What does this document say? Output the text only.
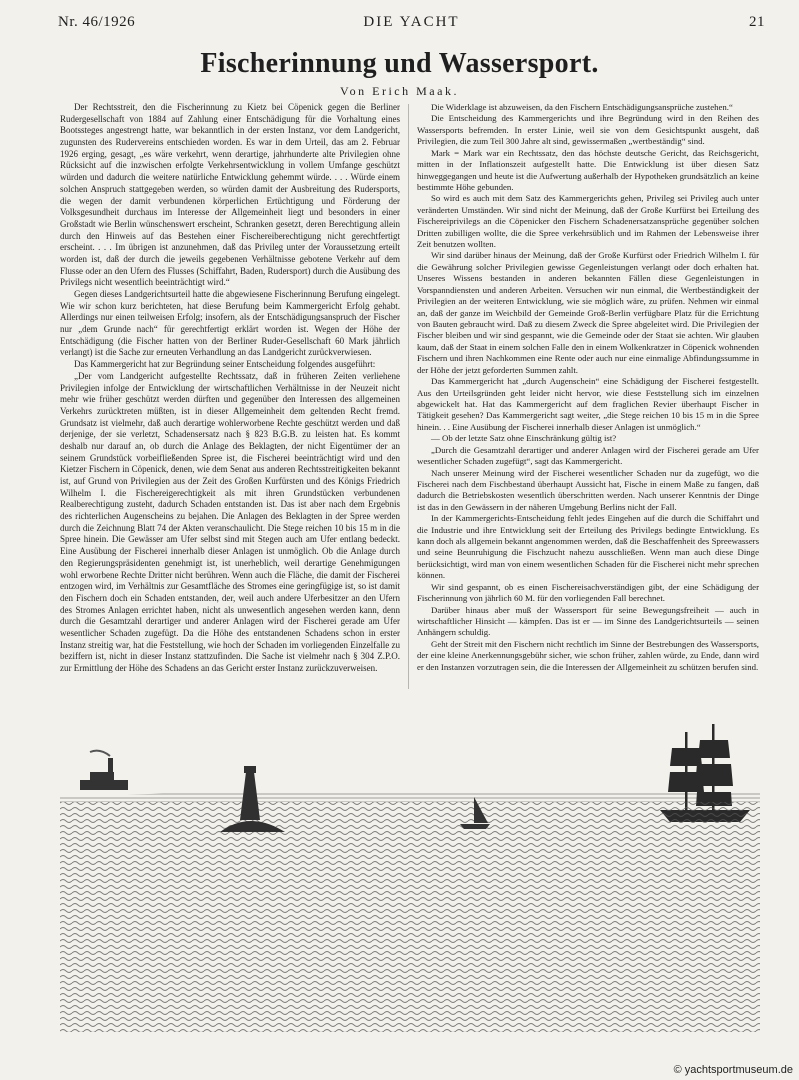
Nr. 46/1926	DIE YACHT	21
Fischerinnung und Wassersport.
Von Erich Maak.

Der Rechtsstreit, den die Fischerinnung zu Kietz bei Cöpenick gegen die Berliner Rudergesellschaft von 1884 auf Zahlung einer Entschädigung für die Vorhaltung eines Bootssteges angestrengt hatte, war bekanntlich in der ersten Instanz, vor dem Landgericht, zugunsten des Rudervereins entschieden worden. Es war in dem Urteil, das am 2. Februar 1926 erging, gesagt, „es wäre verkehrt, wenn derartige, jahrhunderte alte Privilegien ohne Rücksicht auf die inzwischen erfolgte Verkehrsentwicklung in vollem Umfange geschützt würden und dadurch die weitere natürliche Entwicklung gehemmt würde. . . . Würde einem solchen Anspruch stattgegeben werden, so würden damit der Ausbreitung des Rudersports, die wegen der damit verbundenen körperlichen Ertüchtigung und Förderung der Volksgesundheit durchaus im Interesse der Allgemeinheit liegt und besonders in einer Großstadt wie Berlin wünschenswert erscheint, Schranken gesetzt, deren Berechtigung allein durch den Hinweis auf das Bestehen einer Fischereiberechtigung nicht gerechtfertigt erscheint. . . . Im übrigen ist anzunehmen, daß das Privileg unter der Voraussetzung erteilt worden ist, daß der durch die jeweils gegebenen Verhältnisse gebotene Verkehr auf dem Flusse oder an den Ufern des Flusses (Schiffahrt, Baden, Rudersport) durch die Ausübung des Privilegs nicht wesentlich beeinträchtigt wird.“

Gegen dieses Landgerichtsurteil hatte die abgewiesene Fischerinnung Berufung eingelegt. Wie wir schon kurz berichteten, hat diese Berufung beim Kammergericht Erfolg gehabt. Allerdings nur einen teilweisen Erfolg; insofern, als der Entschädigungsanspruch der Fischer nur „dem Grunde nach“ für gerechtfertigt erklärt worden ist. Wegen der Höhe der Entschädigung (die Fischer hatten von der Berliner Ruder-Gesellschaft 60 Mark jährlich verlangt) ist die Sache zur erneuten Verhandlung an das Landgericht zurückverwiesen.

Das Kammergericht hat zur Begründung seiner Entscheidung folgendes ausgeführt:

„Der vom Landgericht aufgestellte Rechtssatz, daß in früheren Zeiten verliehene Privilegien infolge der Entwicklung der wirtschaftlichen Verhältnisse in der Neuzeit nicht mehr wie früher geschützt werden dürften und gegenüber den Interessen des allgemeinen Verkehrs zurücktreten müßten, ist in dieser Allgemeinheit dem geltenden Recht fremd. Grundsatz ist vielmehr, daß auch derartige wohlerworbene Rechte geschützt werden und daß derjenige, der sie verletzt, Schadensersatz nach § 823 B.G.B. zu leisten hat. Es kommt deshalb nur darauf an, ob durch die Anlage des Beklagten, der nicht Eigentümer der an seinem Grundstück vorbeifließenden Spree ist, die Fischerei beeinträchtigt wird und den Kietzer Fischern in Cöpenick, denen, wie dem Senat aus anderen Rechtsstreitigkeiten bekannt ist, auf Grund von Privilegien aus der Zeit des Großen Kurfürsten und des Königs Friedrich Wilhelm I. die Fischereigerechtigkeit als mit ihren Grundstücken verbundenen Realberechtigung zusteht, dadurch Schaden entstanden ist. Das ist aber nach dem Ergebnis des richterlichen Augenscheins zu bejahen. Die Anlagen des Beklagten in der Spree werden durch die Zeichnung Blatt 74 der Akten veranschaulicht. Die Stege reichen 10 bis 15 m in die Spree hinein. Die Gewässer am Ufer selbst sind mit Stegen auch am Ufer entlang bedeckt. Eine Ausübung der Fischerei innerhalb dieser Anlagen ist unmöglich. Ob die Anlage durch den Regierungspräsidenten genehmigt ist, ist unerheblich, weil derartige Genehmigungen wohl erworbene Rechte Dritter nicht berühren. Wenn auch die Fläche, die damit der Fischerei entzogen wird, im Verhältnis zur Gesamtfläche des Stromes eine geringfügige ist, so ist damit den Fischern doch ein Schaden entstanden, der, weil auch andere Uferbesitzer an den Ufern des Stromes Anlagen errichtet haben, nicht als unwesentlich angesehen werden kann, denn durch die Gesamtzahl derartiger und anderer Anlagen wird der Fischerei gerade am Ufer wesentlicher Schaden zugefügt. Da die Höhe des entstandenen Schadens schon in erster Instanz streitig war, hat die Feststellung, wie hoch der Schaden im vorliegenden Einzelfalle zu beziffern ist, nicht in dieser Instanz stattzufinden. Die Sache ist vielmehr nach § 304 Z.P.O. zur Ermittlung der Höhe des Schadens an das Gericht erster Instanz zurückzuverweisen.

Die Widerklage ist abzuweisen, da den Fischern Entschädigungsansprüche zustehen.“

Die Entscheidung des Kammergerichts und ihre Begründung wird in den Reihen des Wassersports befremden. In erster Linie, weil sie von dem Gesichtspunkt ausgeht, daß Privilegien, die zum Teil 300 Jahre alt sind, gewissermaßen „wertbeständig“ sind.

Mark = Mark war ein Rechtssatz, den das höchste deutsche Gericht, das Reichsgericht, mitten in der Inflationszeit aufgestellt hatte. Die Entwicklung ist über diesen Satz hinweggegangen und heute ist die Aufwertung außerhalb der Hypotheken grundsätzlich an keine bestimmte Höhe gebunden.

So wird es auch mit dem Satz des Kammergerichts gehen, Privileg sei Privileg auch unter veränderten Umständen. Wir sind nicht der Meinung, daß der Große Kurfürst bei Erteilung des Fischereiprivilegs an die Cöpenicker den Fischern Schadenersatzansprüche gegenüber solchen Dritten zubilligen wollte, die die Spree verkehrsüblich und im Rahmen der Lebensweise ihrer Zeit benutzen wollten.

Wir sind darüber hinaus der Meinung, daß der Große Kurfürst oder Friedrich Wilhelm I. für die Gewährung solcher Privilegien gewisse Gegenleistungen verlangt oder doch erhalten hat. Unseres Wissens bestanden in anderen bekannten Fällen diese Gegenleistungen in Vorspanndiensten und anderen Arbeiten. Versuchen wir nun einmal, die Wertbeständigkeit der Privilegien an der weiteren Entwicklung, wie sie möglich wäre, zu prüfen. Nehmen wir einmal an, daß der ganze im Weichbild der Gemeinde Groß-Berlin verfügbare Platz für die Errichtung von Bauten gebraucht wird. Daß zu diesem Zweck die Spree abgeleitet wird. Die Privilegien der Fischer bleiben und wir sind gespannt, wie die Gemeinde oder der Staat sie achten. Wir glauben kaum, daß der Staat in einem solchen Falle den in einem Wolkenkratzer in Cöpenick wohnenden Fischern und ihren Nachkommen eine Rente oder auch nur eine einmalige Abfindungssumme in der Höhe der jetzt geforderten Summen zahlt.

Das Kammergericht hat „durch Augenschein“ eine Schädigung der Fischerei festgestellt. Aus den Urteilsgründen geht leider nicht hervor, wie diese Feststellung sich im einzelnen abgewickelt hat. Hat das Kammergericht auf dem fraglichen Revier überhaupt Fischer in Tätigkeit gesehen? Das Kammergericht sagt weiter, „die Stege reichen 10 bis 15 m in die Spree hinein. . . Eine Ausübung der Fischerei innerhalb dieser Anlagen ist unmöglich.“

— Ob der letzte Satz ohne Einschränkung gültig ist?

„Durch die Gesamtzahl derartiger und anderer Anlagen wird der Fischerei gerade am Ufer wesentlicher Schaden zugefügt“, sagt das Kammergericht.

Nach unserer Meinung wird der Fischerei wesentlicher Schaden nur da zugefügt, wo die Fischerei nach dem Fischbestand überhaupt Aussicht hat, Fische in einem Maße zu fangen, daß dadurch die Betriebskosten wesentlich überschritten werden. Nach unserer Kenntnis der Dinge ist das in den Gewässern in der näheren Umgebung Berlins nicht der Fall.

In der Kammergerichts-Entscheidung fehlt jedes Eingehen auf die durch die Schiffahrt und die Industrie und ihre Entwicklung seit der Erteilung des Privilegs bedingte Entwicklung. Es kann doch als allgemein bekannt angenommen werden, daß die Beschaffenheit des Spreewassers und seine Beunruhigung die Fischzucht nahezu ausschließen. Wenn man auch diese Dinge berücksichtigt, wird man von einem wesentlichen Schaden für die Fischerei nicht mehr sprechen können.

Wir sind gespannt, ob es einen Fischereisachverständigen gibt, der eine Schädigung der Fischerinnung von jährlich 60 M. für den vorliegenden Fall berechnet.

Darüber hinaus aber muß der Wassersport für seine Bewegungsfreiheit — auch in wirtschaftlicher Hinsicht — kämpfen. Das ist er — im Sinne des Landgerichtsurteils — seinen Anhängern schuldig.

Geht der Streit mit den Fischern nicht rechtlich im Sinne der Bestrebungen des Wassersports, der eine kleine Anerkennungsgebühr sicher, wie schon früher, zahlen würde, zu Ende, dann wird er den Instanzen vorzutragen sein, die die Interessen der Allgemeinheit zu schützen berufen sind.

© yachtsportmuseum.de
